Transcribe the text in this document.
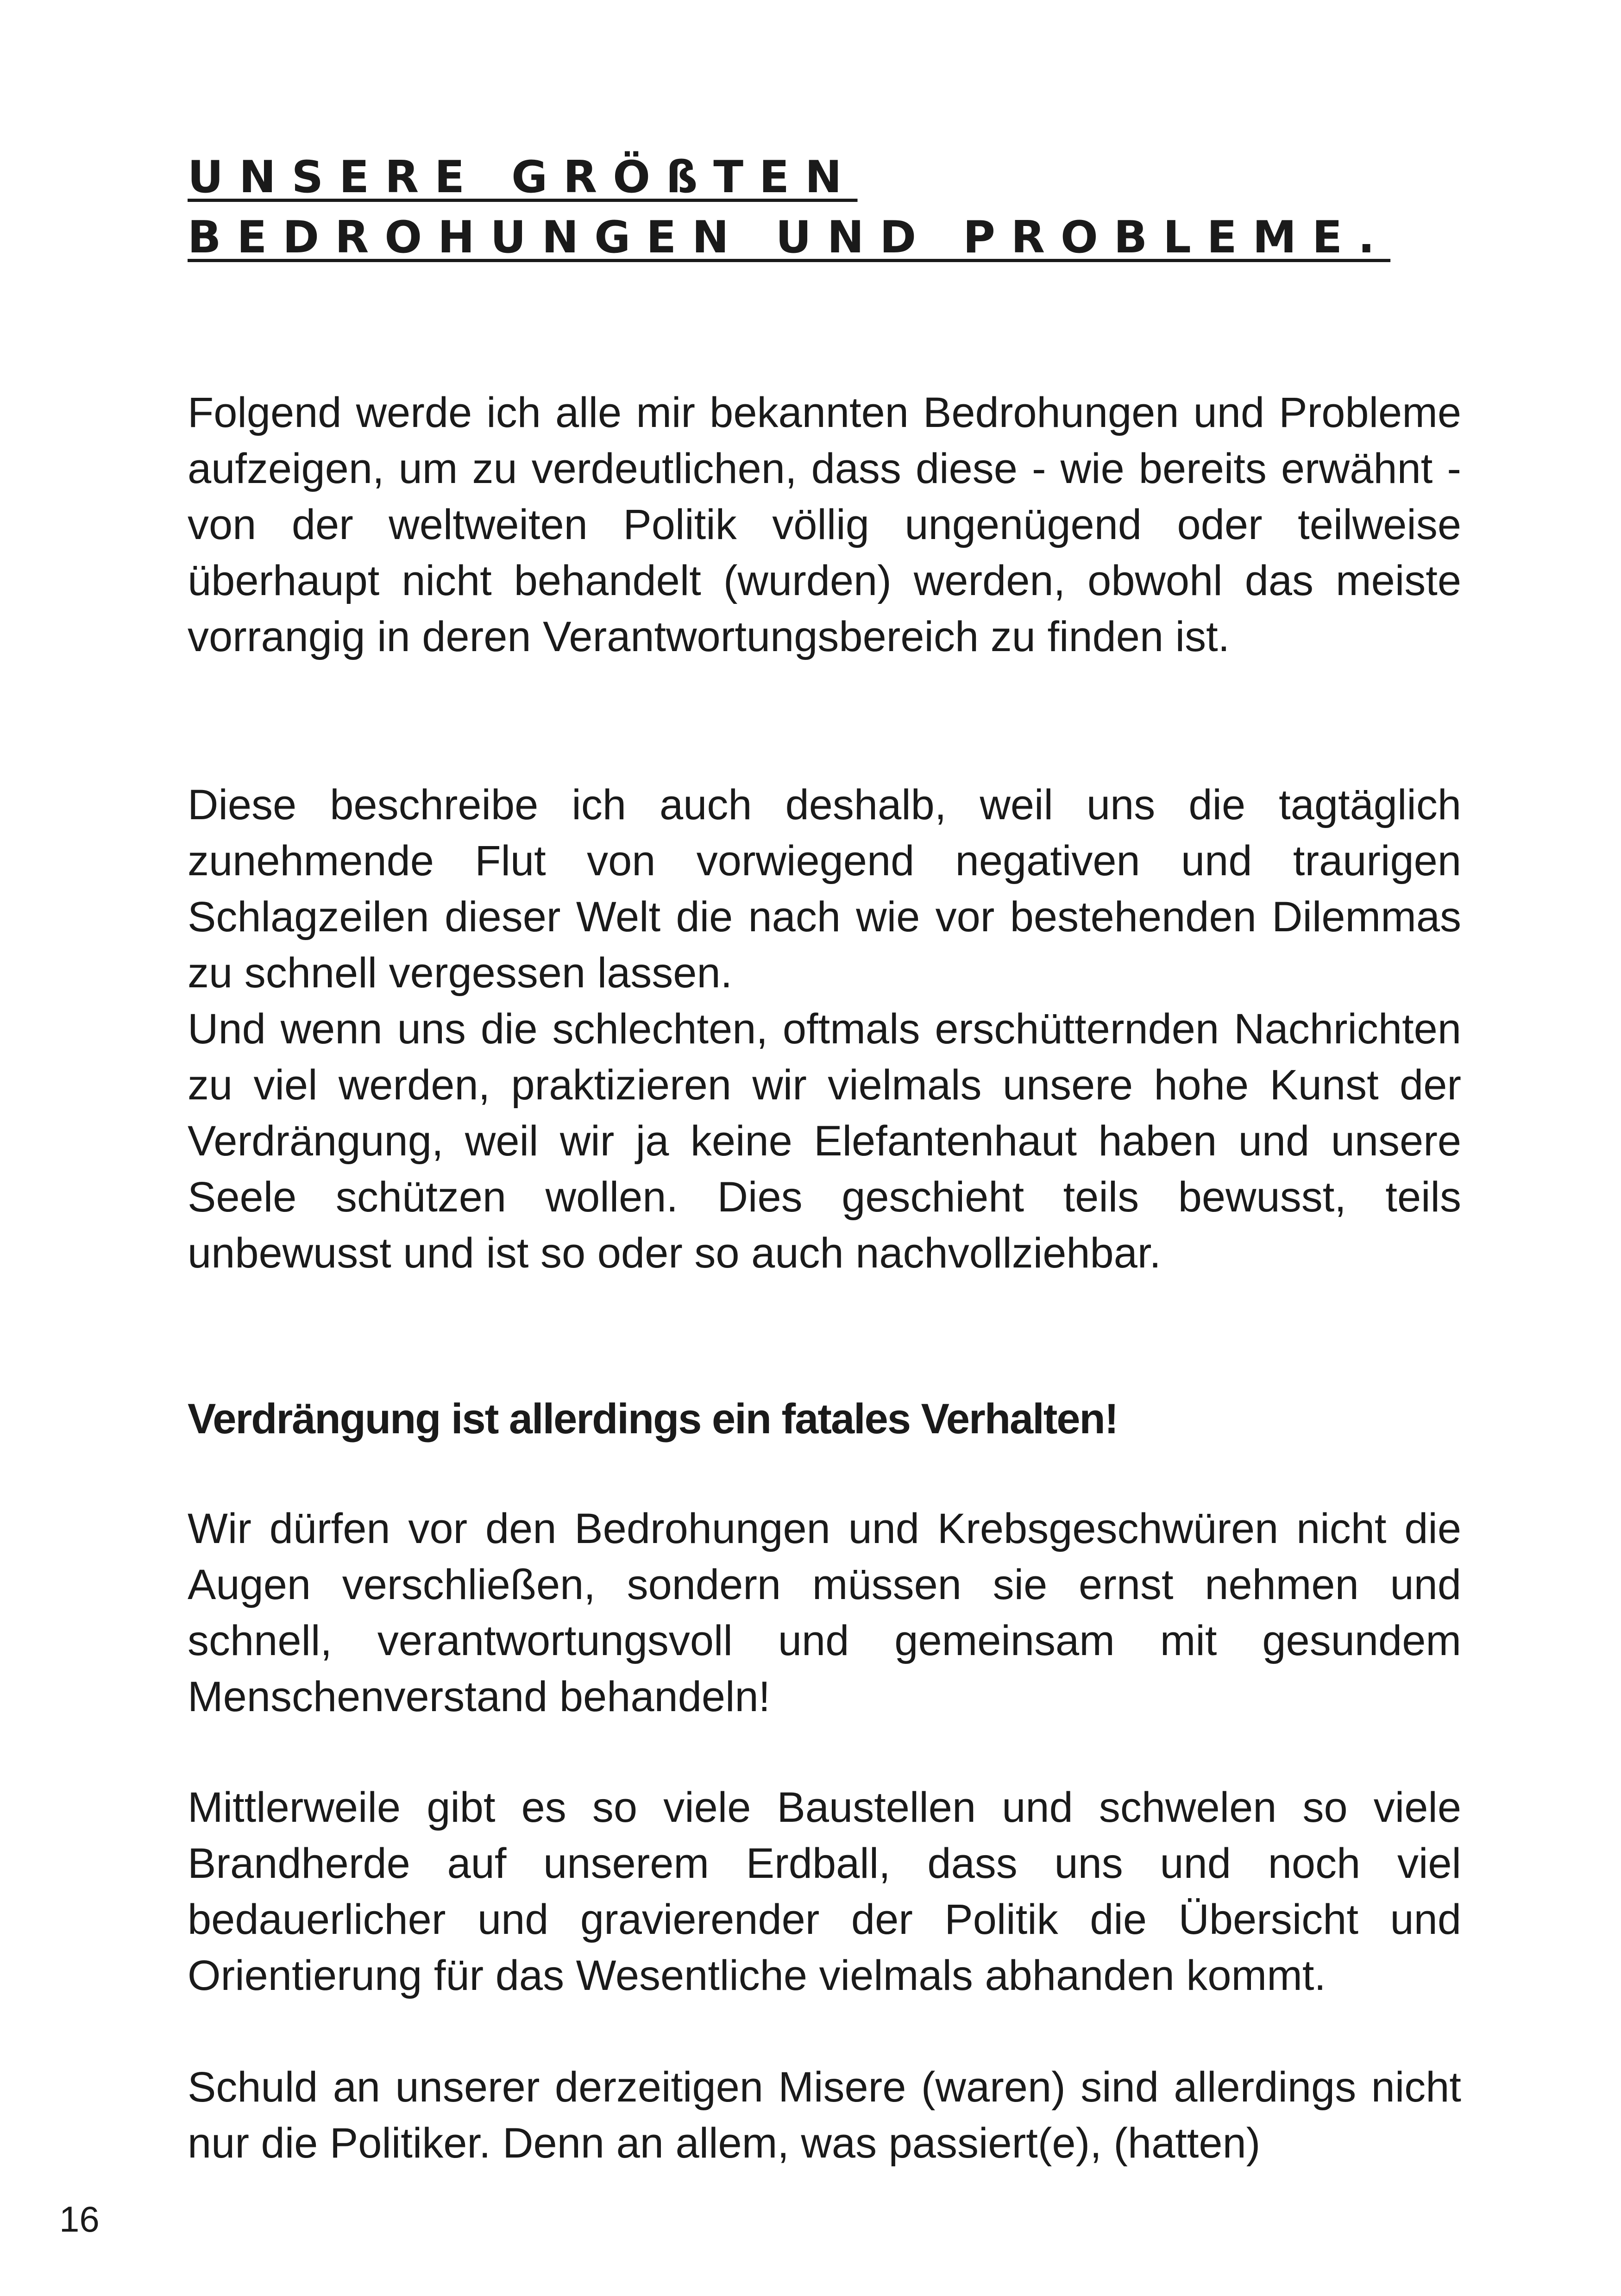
UNSERE GRÖßTEN
BEDROHUNGEN UND PROBLEME.

Folgend werde ich alle mir bekannten Bedrohungen und Probleme aufzeigen, um zu verdeutlichen, dass diese - wie bereits erwähnt - von der weltweiten Politik völlig ungenügend oder teilweise überhaupt nicht behandelt (wurden) werden, obwohl das meiste vorrangig in deren Verantwortungsbereich zu finden ist.

Diese beschreibe ich auch deshalb, weil uns die tagtäglich zunehmende Flut von vorwiegend negativen und traurigen Schlagzeilen dieser Welt die nach wie vor bestehenden Dilemmas zu schnell vergessen lassen.

Und wenn uns die schlechten, oftmals erschütternden Nachrichten zu viel werden, praktizieren wir vielmals unsere hohe Kunst der Verdrängung, weil wir ja keine Elefantenhaut haben und unsere Seele schützen wollen. Dies geschieht teils bewusst, teils unbewusst und ist so oder so auch nachvollziehbar.

Verdrängung ist allerdings ein fatales Verhalten!

Wir dürfen vor den Bedrohungen und Krebsgeschwüren nicht die Augen verschließen, sondern müssen sie ernst nehmen und schnell, verantwortungsvoll und gemeinsam mit gesundem Menschenverstand behandeln!

Mittlerweile gibt es so viele Baustellen und schwelen so viele Brandherde auf unserem Erdball, dass uns und noch viel bedauerlicher und gravierender der Politik die Übersicht und Orientierung für das Wesentliche vielmals abhanden kommt.

Schuld an unserer derzeitigen Misere (waren) sind allerdings nicht nur die Politiker. Denn an allem, was passiert(e), (hatten)

16
